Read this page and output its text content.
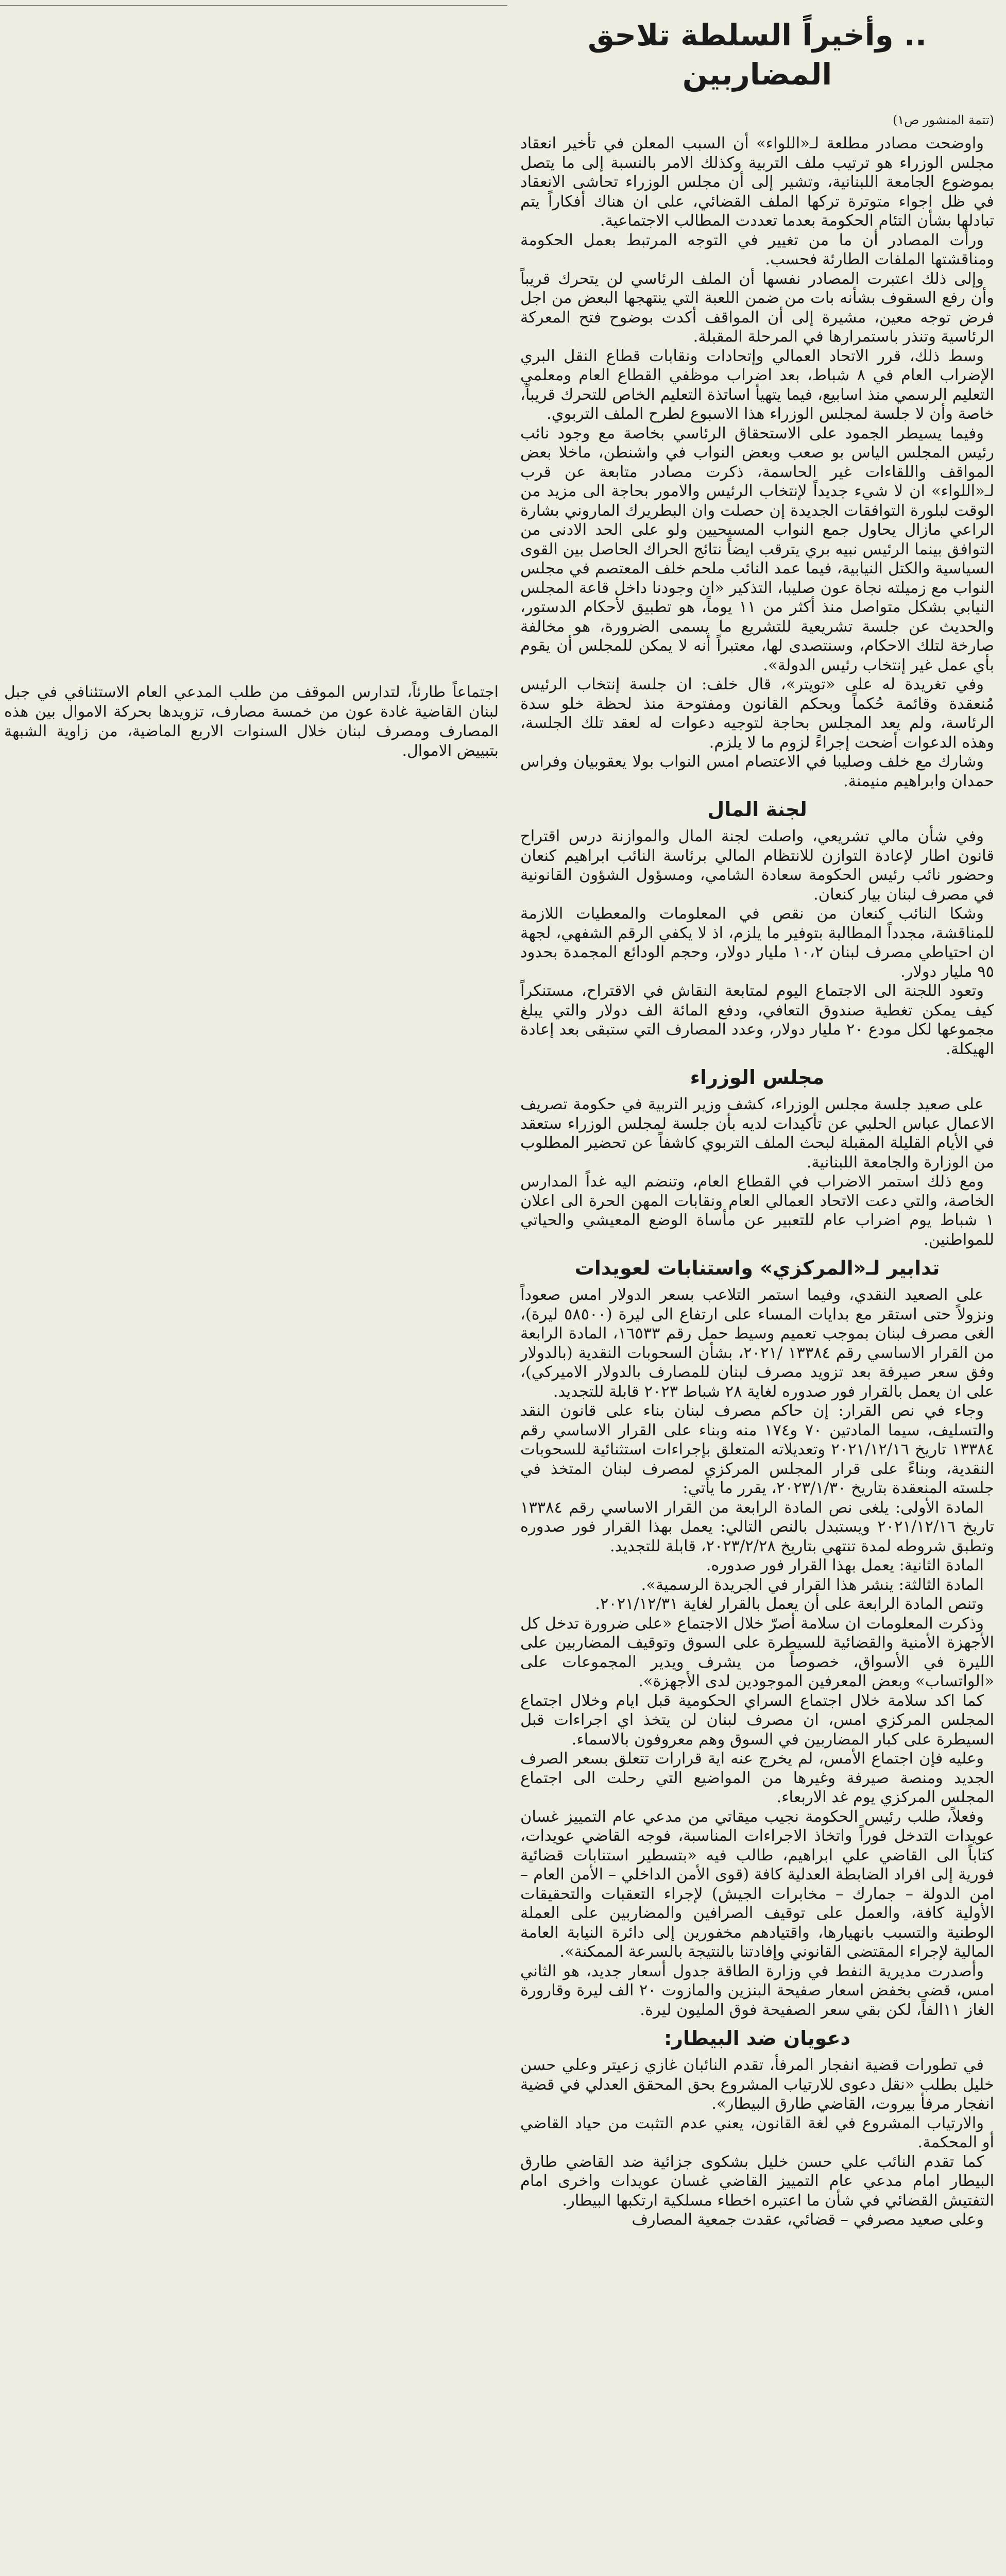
اجتماعاً طارئاً، لتدارس الموقف من طلب المدعي العام الاستئنافي في جبل لبنان القاضية غادة عون من خمسة مصارف، تزويدها بحركة الاموال بين هذه المصارف ومصرف لبنان خلال السنوات الاربع الماضية، من زاوية الشبهة بتبييض الاموال.

.. وأخيراً السلطة تلاحق المضاربين
(تتمة المنشور ص١)

واوضحت مصادر مطلعة لـ«اللواء» أن السبب المعلن في تأخير انعقاد مجلس الوزراء هو ترتيب ملف التربية وكذلك الامر بالنسبة إلى ما يتصل بموضوع الجامعة اللبنانية، وتشير إلى أن مجلس الوزراء تحاشى الانعقاد في ظل اجواء متوترة تركها الملف القضائي، على ان هناك أفكاراً يتم تبادلها بشأن التئام الحكومة بعدما تعددت المطالب الاجتماعية.

ورأت المصادر أن ما من تغيير في التوجه المرتبط بعمل الحكومة ومناقشتها الملفات الطارئة فحسب.

وإلى ذلك اعتبرت المصادر نفسها أن الملف الرئاسي لن يتحرك قريباً وأن رفع السقوف بشأنه بات من ضمن اللعبة التي ينتهجها البعض من اجل فرض توجه معين، مشيرة إلى أن المواقف أكدت بوضوح فتح المعركة الرئاسية وتنذر باستمرارها في المرحلة المقبلة.

وسط ذلك، قرر الاتحاد العمالي وإتحادات ونقابات قطاع النقل البري الإضراب العام في ٨ شباط، بعد اضراب موظفي القطاع العام ومعلمي التعليم الرسمي منذ اسابيع، فيما يتهيأ اساتذة التعليم الخاص للتحرك قريباً، خاصة وأن لا جلسة لمجلس الوزراء هذا الاسبوع لطرح الملف التربوي.

وفيما يسيطر الجمود على الاستحقاق الرئاسي بخاصة مع وجود نائب رئيس المجلس الياس بو صعب وبعض النواب في واشنطن، ماخلا بعض المواقف واللقاءات غير الحاسمة، ذكرت مصادر متابعة عن قرب لـ«اللواء» ان لا شيء جديداً لإنتخاب الرئيس والامور بحاجة الى مزيد من الوقت لبلورة التوافقات الجديدة إن حصلت وان البطريرك الماروني بشارة الراعي مازال يحاول جمع النواب المسيحيين ولو على الحد الادنى من التوافق بينما الرئيس نبيه بري يترقب ايضاً نتائج الحراك الحاصل بين القوى السياسية والكتل النيابية، فيما عمد النائب ملحم خلف المعتصم في مجلس النواب مع زميلته نجاة عون صليبا، التذكير «ان وجودنا داخل قاعة المجلس النيابي بشكل متواصل منذ أكثر من ١١ يوماً، هو تطبيق لأحكام الدستور، والحديث عن جلسة تشريعية للتشريع ما يسمى الضرورة، هو مخالفة صارخة لتلك الاحكام، وسنتصدى لها، معتبراً أنه لا يمكن للمجلس أن يقوم بأي عمل غير إنتخاب رئيس الدولة».

وفي تغريدة له على «تويتر»، قال خلف: ان جلسة إنتخاب الرئيس مُنعقدة وقائمة حُكماً وبحكم القانون ومفتوحة منذ لحظة خلو سدة الرئاسة، ولم يعد المجلس بحاجة لتوجيه دعوات له لعقد تلك الجلسة، وهذه الدعوات أضحت إجراءً لزوم ما لا يلزم.

وشارك مع خلف وصليبا في الاعتصام امس النواب بولا يعقوبيان وفراس حمدان وابراهيم منيمنة.

لجنة المال

وفي شأن مالي تشريعي، واصلت لجنة المال والموازنة درس اقتراح قانون اطار لإعادة التوازن للانتظام المالي برئاسة النائب ابراهيم كنعان وحضور نائب رئيس الحكومة سعادة الشامي، ومسؤول الشؤون القانونية في مصرف لبنان بيار كنعان.

وشكا النائب كنعان من نقص في المعلومات والمعطيات اللازمة للمناقشة، مجدداً المطالبة بتوفير ما يلزم، اذ لا يكفي الرقم الشفهي، لجهة ان احتياطي مصرف لبنان ١٠،٢ مليار دولار، وحجم الودائع المجمدة بحدود ٩٥ مليار دولار.

وتعود اللجنة الى الاجتماع اليوم لمتابعة النقاش في الاقتراح، مستنكراً كيف يمكن تغطية صندوق التعافي، ودفع المائة الف دولار والتي يبلغ مجموعها لكل مودع ٢٠ مليار دولار، وعدد المصارف التي ستبقى بعد إعادة الهيكلة.

مجلس الوزراء

على صعيد جلسة مجلس الوزراء، كشف وزير التربية في حكومة تصريف الاعمال عباس الحلبي عن تأكيدات لديه بأن جلسة لمجلس الوزراء ستعقد في الأيام القليلة المقبلة لبحث الملف التربوي كاشفاً عن تحضير المطلوب من الوزارة والجامعة اللبنانية.

ومع ذلك استمر الاضراب في القطاع العام، وتنضم اليه غداً المدارس الخاصة، والتي دعت الاتحاد العمالي العام ونقابات المهن الحرة الى اعلان ١ شباط يوم اضراب عام للتعبير عن مأساة الوضع المعيشي والحياتي للمواطنين.

تدابير لـ«المركزي» واستنابات لعويدات

على الصعيد النقدي، وفيما استمر التلاعب بسعر الدولار امس صعوداً ونزولاً حتى استقر مع بدايات المساء على ارتفاع الى ليرة (٥٨٥٠٠ ليرة)، الغى مصرف لبنان بموجب تعميم وسيط حمل رقم ١٦٥٣٣، المادة الرابعة من القرار الاساسي رقم ١٣٣٨٤ /٢٠٢١، بشأن السحوبات النقدية (بالدولار وفق سعر صيرفة بعد تزويد مصرف لبنان للمصارف بالدولار الاميركي)، على ان يعمل بالقرار فور صدوره لغاية ٢٨ شباط ٢٠٢٣ قابلة للتجديد.

وجاء في نص القرار: إن حاكم مصرف لبنان بناء على قانون النقد والتسليف، سيما المادتين ٧٠ و١٧٤ منه وبناء على القرار الاساسي رقم ١٣٣٨٤ تاريخ ٢٠٢١/١٢/١٦ وتعديلاته المتعلق بإجراءات استثنائية للسحوبات النقدية، وبناءً على قرار المجلس المركزي لمصرف لبنان المتخذ في جلسته المنعقدة بتاريخ ٢٠٢٣/١/٣٠، يقرر ما يأتي:

المادة الأولى: يلغى نص المادة الرابعة من القرار الاساسي رقم ١٣٣٨٤ تاريخ ٢٠٢١/١٢/١٦ ويستبدل بالنص التالي: يعمل بهذا القرار فور صدوره وتطبق شروطه لمدة تنتهي بتاريخ ٢٠٢٣/٢/٢٨، قابلة للتجديد.

المادة الثانية: يعمل بهذا القرار فور صدوره.

المادة الثالثة: ينشر هذا القرار في الجريدة الرسمية».

وتنص المادة الرابعة على أن يعمل بالقرار لغاية ٢٠٢١/١٢/٣١.

وذكرت المعلومات ان سلامة أصرّ خلال الاجتماع «على ضرورة تدخل كل الأجهزة الأمنية والقضائية للسيطرة على السوق وتوقيف المضاربين على الليرة في الأسواق، خصوصاً من يشرف ويدير المجموعات على «الواتساب» وبعض المعرفين الموجودين لدى الأجهزة».

كما اكد سلامة خلال اجتماع السراي الحكومية قبل ايام وخلال اجتماع المجلس المركزي امس، ان مصرف لبنان لن يتخذ اي اجراءات قبل السيطرة على كبار المضاربين في السوق وهم معروفون بالاسماء.

وعليه فإن اجتماع الأمس، لم يخرج عنه اية قرارات تتعلق بسعر الصرف الجديد ومنصة صيرفة وغيرها من المواضيع التي رحلت الى اجتماع المجلس المركزي يوم غد الاربعاء.

وفعلاً، طلب رئيس الحكومة نجيب ميقاتي من مدعي عام التمييز غسان عويدات التدخل فوراً واتخاذ الاجراءات المناسبة، فوجه القاضي عويدات، كتاباً الى القاضي علي ابراهيم، طالب فيه «بتسطير استنابات قضائية فورية إلى افراد الضابطة العدلية كافة (قوى الأمن الداخلي – الأمن العام – امن الدولة – جمارك – مخابرات الجيش) لإجراء التعقبات والتحقيقات الأولية كافة، والعمل على توقيف الصرافين والمضاربين على العملة الوطنية والتسبب بانهيارها، واقتيادهم مخفورين إلى دائرة النيابة العامة المالية لإجراء المقتضى القانوني وإفادتنا بالنتيجة بالسرعة الممكنة».

وأصدرت مديرية النفط في وزارة الطاقة جدول أسعار جديد، هو الثاني امس، قضى بخفض اسعار صفيحة البنزين والمازوت ٢٠ الف ليرة وقارورة الغاز ١١الفاً، لكن بقي سعر الصفيحة فوق المليون ليرة.

دعويان ضد البيطار:

في تطورات قضية انفجار المرفأ، تقدم النائبان غازي زعيتر وعلي حسن خليل بطلب «نقل دعوى للارتياب المشروع بحق المحقق العدلي في قضية انفجار مرفأ بيروت، القاضي طارق البيطار».

والارتياب المشروع في لغة القانون، يعني عدم التثبت من حياد القاضي أو المحكمة.

كما تقدم النائب علي حسن خليل بشكوى جزائية ضد القاضي طارق البيطار امام مدعي عام التمييز القاضي غسان عويدات واخرى امام التفتيش القضائي في شأن ما اعتبره اخطاء مسلكية ارتكبها البيطار.

وعلى صعيد مصرفي – قضائي، عقدت جمعية المصارف
